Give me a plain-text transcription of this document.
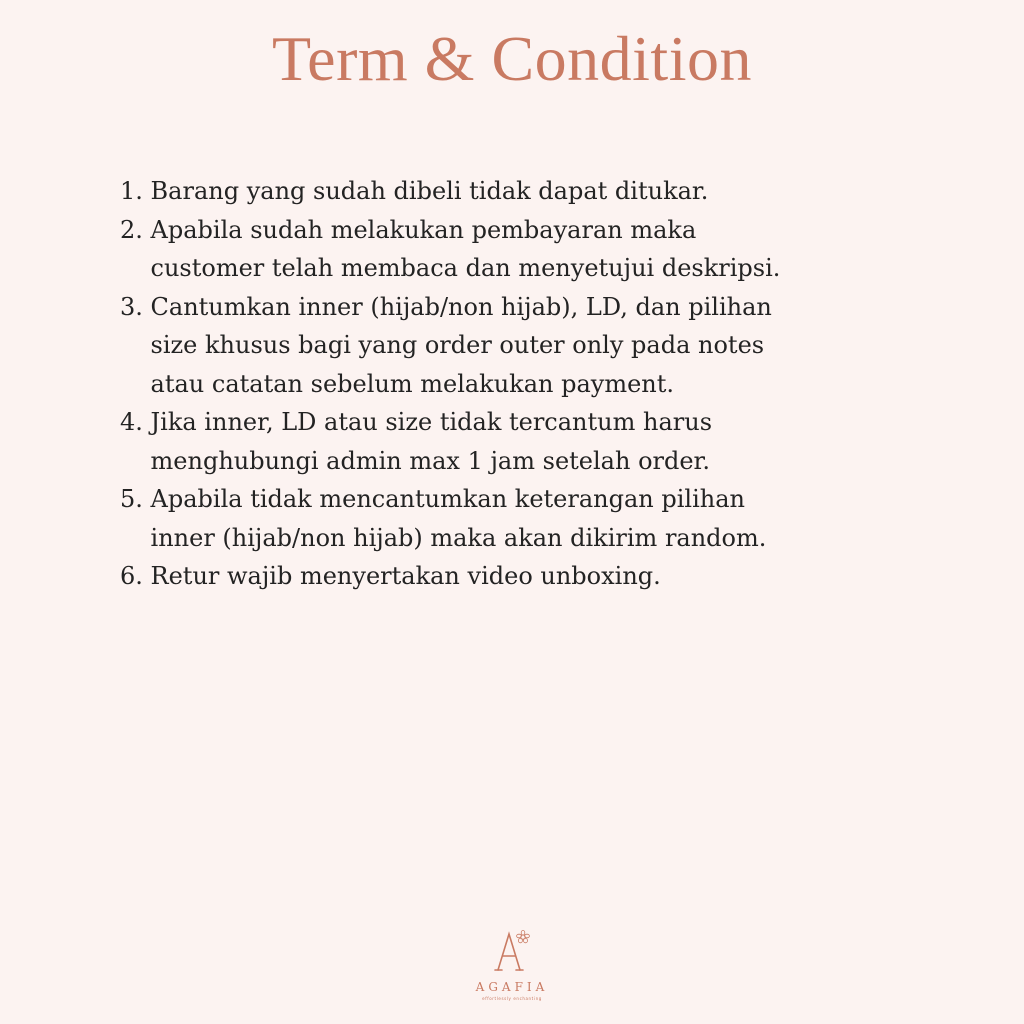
Term & Condition
1. Barang yang sudah dibeli tidak dapat ditukar.
2. Apabila sudah melakukan pembayaran maka
customer telah membaca dan menyetujui deskripsi.
3. Cantumkan inner (hijab/non hijab), LD, dan pilihan
size khusus bagi yang order outer only pada notes
atau catatan sebelum melakukan payment.
4. Jika inner, LD atau size tidak tercantum harus
menghubungi admin max 1 jam setelah order.
5. Apabila tidak mencantumkan keterangan pilihan
inner (hijab/non hijab) maka akan dikirim random.
6. Retur wajib menyertakan video unboxing.
AGAFIA
effortlessly enchanting
